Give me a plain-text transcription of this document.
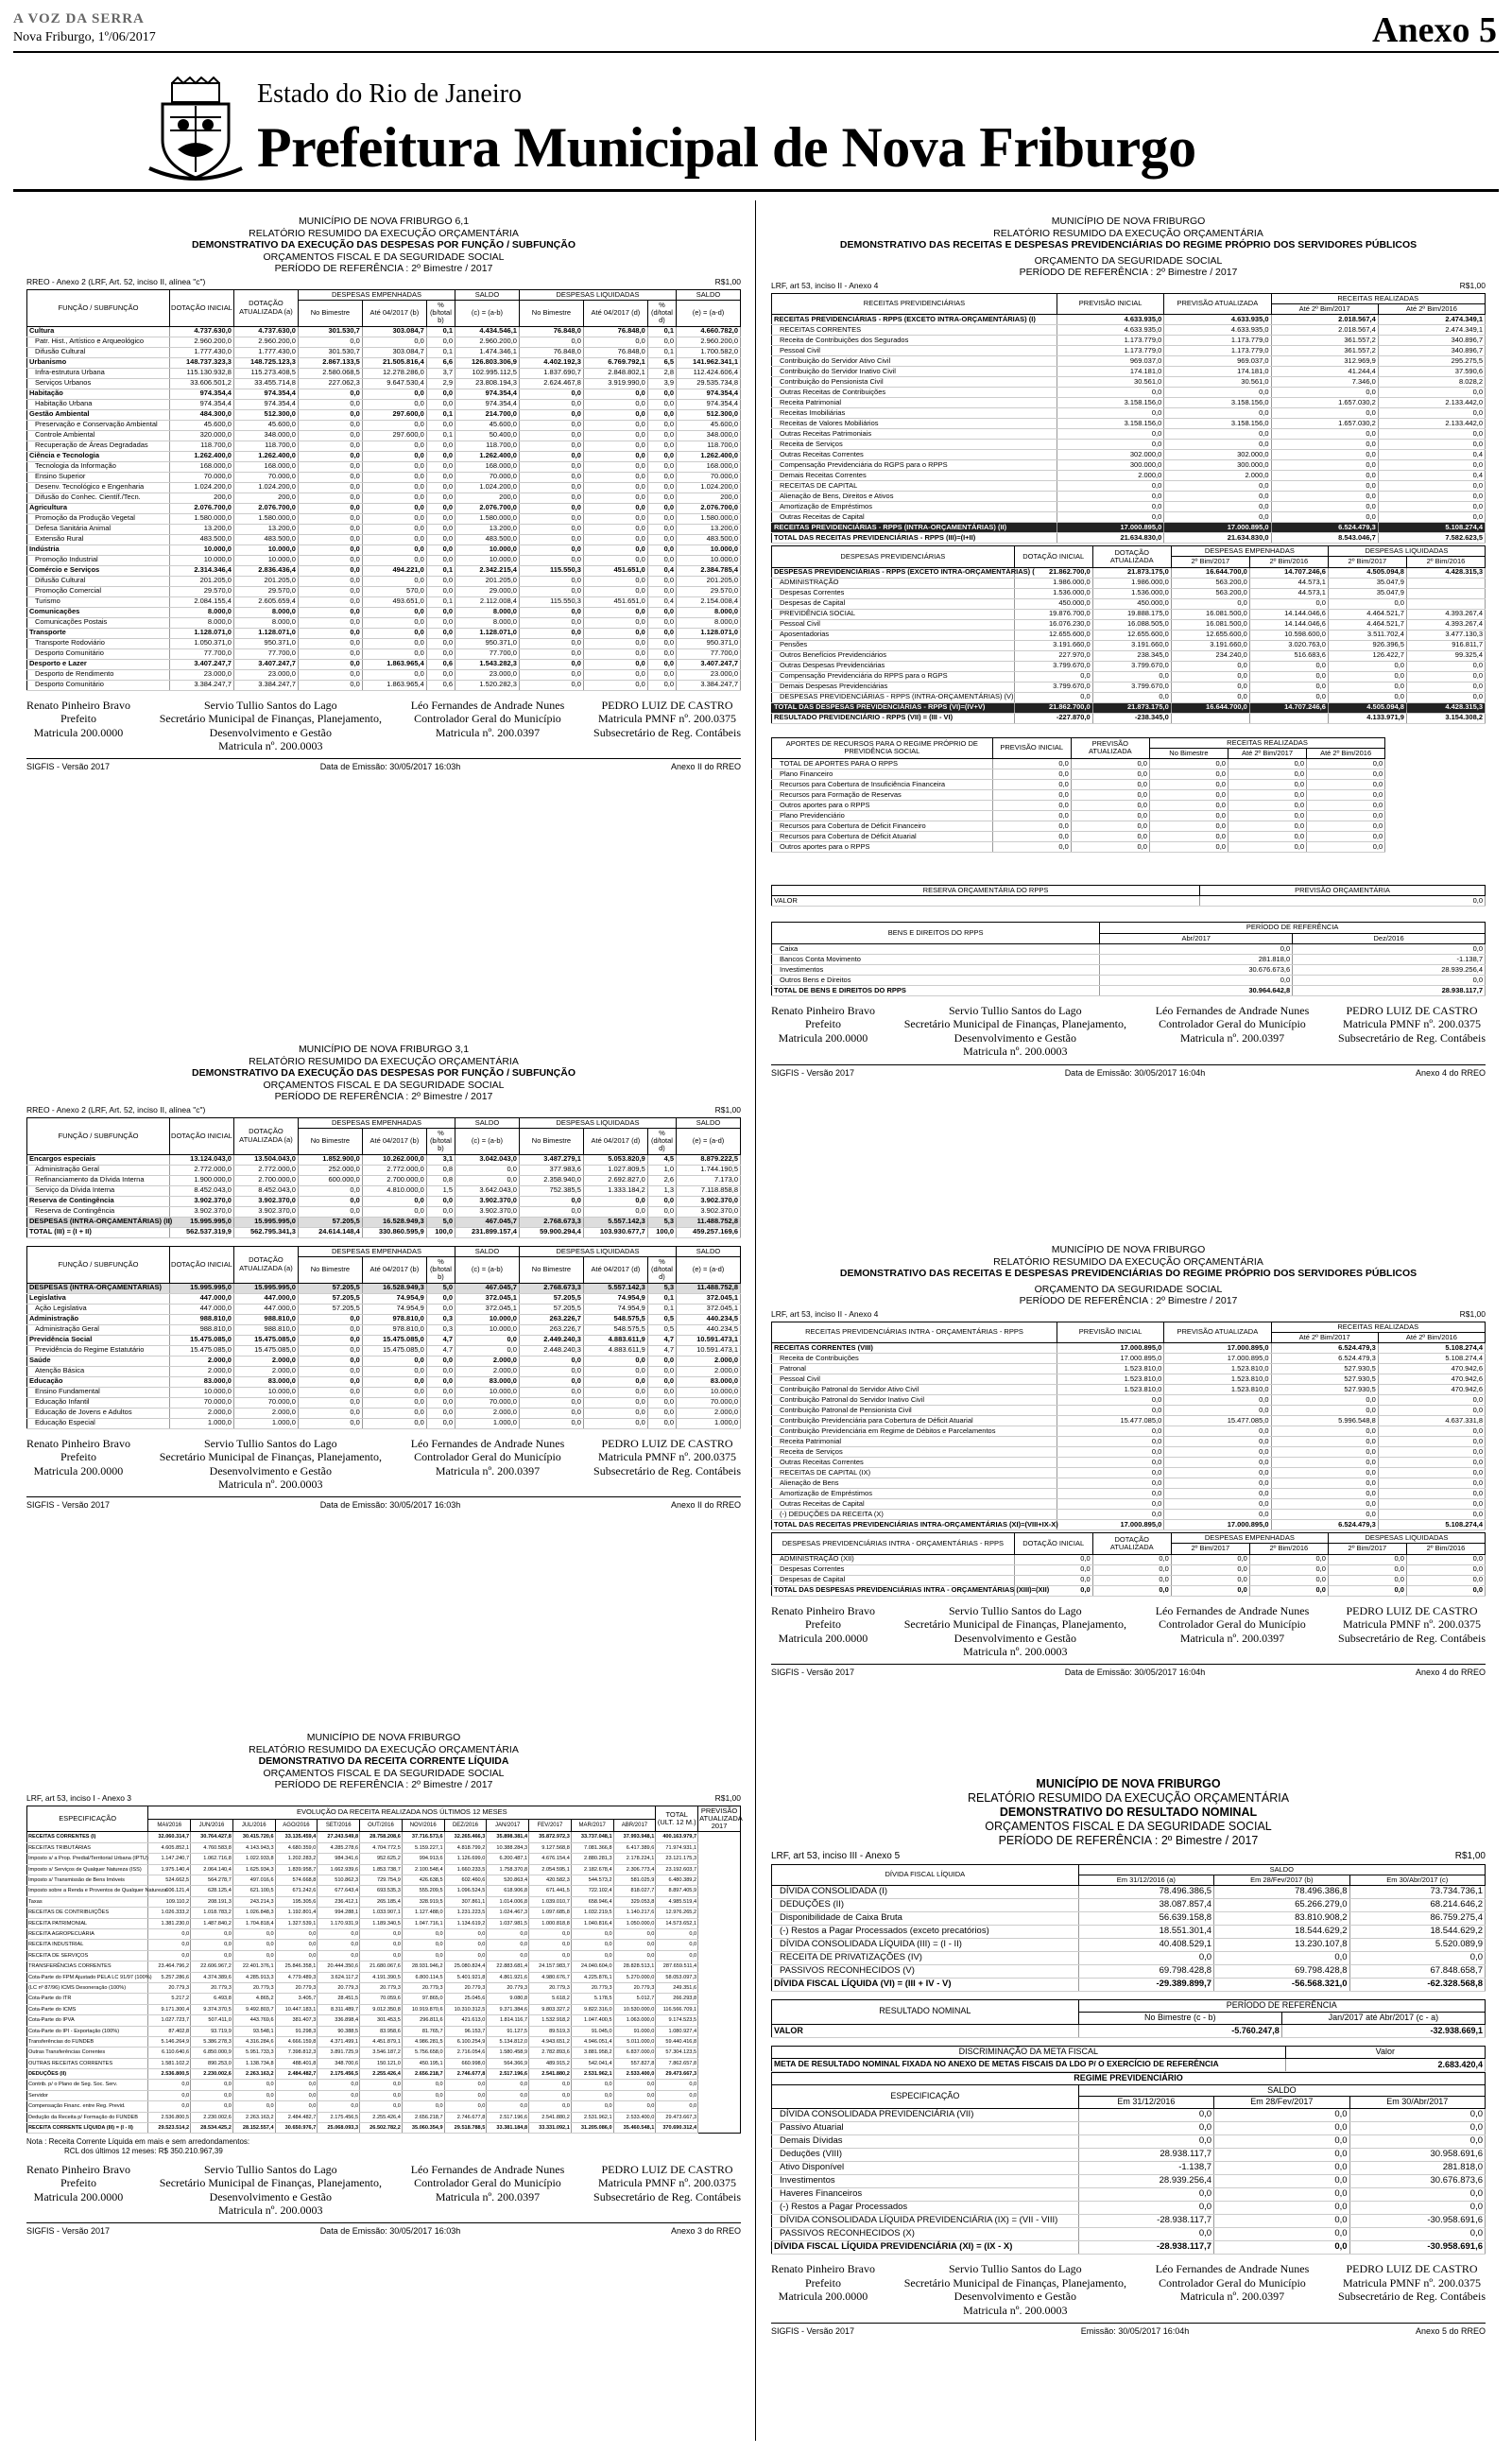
A VOZ DA SERRA
Nova Friburgo, 1º/06/2017	Anexo 5
Estado do Rio de Janeiro
Prefeitura Municipal de Nova Friburgo
MUNICÍPIO DE NOVA FRIBURGO 6,1
RELATÓRIO RESUMIDO DA EXECUÇÃO ORÇAMENTÁRIA
DEMONSTRATIVO DA EXECUÇÃO DAS DESPESAS POR FUNÇÃO / SUBFUNÇÃO
ORÇAMENTOS FISCAL E DA SEGURIDADE SOCIAL
PERÍODO DE REFERÊNCIA : 2º Bimestre / 2017
RREO - Anexo 2 (LRF, Art. 52, inciso II, alínea "c")	R$1,00
FUNÇÃO / SUBFUNÇÃO	DOTAÇÃO INICIAL	DOTAÇÃO ATUALIZADA (a)	DESPESAS EMPENHADAS			SALDO	DESPESAS LIQUIDADAS			SALDO
			No Bimestre	Até 04/2017 (b)	% (b/total b)	(c) = (a-b)	No Bimestre	Até 04/2017 (d)	% (d/total d)	(e) = (a-d)
Cultura	4.737.630,0	4.737.630,0	301.530,7	303.084,7	0,1	4.434.546,1	76.848,0	76.848,0	0,1	4.660.782,0
Patr. Hist., Artístico e Arqueológico	2.960.200,0	2.960.200,0	0,0	0,0	0,0	2.960.200,0	0,0	0,0	0,0	2.960.200,0
Difusão Cultural	1.777.430,0	1.777.430,0	301.530,7	303.084,7	0,1	1.474.346,1	76.848,0	76.848,0	0,1	1.700.582,0
Urbanismo	148.737.323,3	148.725.123,3	2.867.133,5	21.505.816,4	6,6	126.803.306,9	4.402.192,3	6.769.792,1	6,5	141.962.341,1
Infra-estrutura Urbana	115.130.932,8	115.273.408,5	2.580.068,5	12.278.286,0	3,7	102.995.112,5	1.837.690,7	2.848.802,1	2,8	112.424.606,4
Serviços Urbanos	33.606.501,2	33.455.714,8	227.062,3	9.647.530,4	2,9	23.808.194,3	2.624.467,8	3.919.990,0	3,9	29.535.734,8
Habitação	974.354,4	974.354,4	0,0	0,0	0,0	974.354,4	0,0	0,0	0,0	974.354,4
Habitação Urbana	974.354,4	974.354,4	0,0	0,0	0,0	974.354,4	0,0	0,0	0,0	974.354,4
Gestão Ambiental	484.300,0	512.300,0	0,0	297.600,0	0,1	214.700,0	0,0	0,0	0,0	512.300,0
Preservação e Conservação Ambiental	45.600,0	45.600,0	0,0	0,0	0,0	45.600,0	0,0	0,0	0,0	45.600,0
Controle Ambiental	320.000,0	348.000,0	0,0	297.600,0	0,1	50.400,0	0,0	0,0	0,0	348.000,0
Recuperação de Áreas Degradadas	118.700,0	118.700,0	0,0	0,0	0,0	118.700,0	0,0	0,0	0,0	118.700,0
Ciência e Tecnologia	1.262.400,0	1.262.400,0	0,0	0,0	0,0	1.262.400,0	0,0	0,0	0,0	1.262.400,0
Tecnologia da Informação	168.000,0	168.000,0	0,0	0,0	0,0	168.000,0	0,0	0,0	0,0	168.000,0
Ensino Superior	70.000,0	70.000,0	0,0	0,0	0,0	70.000,0	0,0	0,0	0,0	70.000,0
Desenv. Tecnológico e Engenharia	1.024.200,0	1.024.200,0	0,0	0,0	0,0	1.024.200,0	0,0	0,0	0,0	1.024.200,0
Difusão do Conhec. Científ./Tecn.	200,0	200,0	0,0	0,0	0,0	200,0	0,0	0,0	0,0	200,0
Agricultura	2.076.700,0	2.076.700,0	0,0	0,0	0,0	2.076.700,0	0,0	0,0	0,0	2.076.700,0
Promoção da Produção Vegetal	1.580.000,0	1.580.000,0	0,0	0,0	0,0	1.580.000,0	0,0	0,0	0,0	1.580.000,0
Defesa Sanitária Animal	13.200,0	13.200,0	0,0	0,0	0,0	13.200,0	0,0	0,0	0,0	13.200,0
Extensão Rural	483.500,0	483.500,0	0,0	0,0	0,0	483.500,0	0,0	0,0	0,0	483.500,0
Indústria	10.000,0	10.000,0	0,0	0,0	0,0	10.000,0	0,0	0,0	0,0	10.000,0
Promoção Industrial	10.000,0	10.000,0	0,0	0,0	0,0	10.000,0	0,0	0,0	0,0	10.000,0
Comércio e Serviços	2.314.346,4	2.836.436,4	0,0	494.221,0	0,1	2.342.215,4	115.550,3	451.651,0	0,4	2.384.785,4
Difusão Cultural	201.205,0	201.205,0	0,0	0,0	0,0	201.205,0	0,0	0,0	0,0	201.205,0
Promoção Comercial	29.570,0	29.570,0	0,0	570,0	0,0	29.000,0	0,0	0,0	0,0	29.570,0
Turismo	2.084.155,4	2.605.659,4	0,0	493.651,0	0,1	2.112.008,4	115.550,3	451.651,0	0,4	2.154.008,4
Comunicações	8.000,0	8.000,0	0,0	0,0	0,0	8.000,0	0,0	0,0	0,0	8.000,0
Comunicações Postais	8.000,0	8.000,0	0,0	0,0	0,0	8.000,0	0,0	0,0	0,0	8.000,0
Transporte	1.128.071,0	1.128.071,0	0,0	0,0	0,0	1.128.071,0	0,0	0,0	0,0	1.128.071,0
Transporte Rodoviário	1.050.371,0	950.371,0	0,0	0,0	0,0	950.371,0	0,0	0,0	0,0	950.371,0
Desporto Comunitário	77.700,0	77.700,0	0,0	0,0	0,0	77.700,0	0,0	0,0	0,0	77.700,0
Desporto e Lazer	3.407.247,7	3.407.247,7	0,0	1.863.965,4	0,6	1.543.282,3	0,0	0,0	0,0	3.407.247,7
Desporto de Rendimento	23.000,0	23.000,0	0,0	0,0	0,0	23.000,0	0,0	0,0	0,0	23.000,0
Desporto Comunitário	3.384.247,7	3.384.247,7	0,0	1.863.965,4	0,6	1.520.282,3	0,0	0,0	0,0	3.384.247,7
Renato Pinheiro Bravo
Prefeito
Matricula 200.0000
Servio Tullio Santos do Lago
Secretário Municipal de Finanças, Planejamento,
Desenvolvimento e Gestão
Matricula nº. 200.0003
Léo Fernandes de Andrade Nunes
Controlador Geral do Município
Matricula nº. 200.0397
PEDRO LUIZ DE CASTRO
Matricula PMNF nº. 200.0375
Subsecretário de Reg. Contábeis
SIGFIS - Versão 2017	Data de Emissão: 30/05/2017 16:03h	Anexo II do RREO
MUNICÍPIO DE NOVA FRIBURGO 3,1
RELATÓRIO RESUMIDO DA EXECUÇÃO ORÇAMENTÁRIA
DEMONSTRATIVO DA EXECUÇÃO DAS DESPESAS POR FUNÇÃO / SUBFUNÇÃO
ORÇAMENTOS FISCAL E DA SEGURIDADE SOCIAL
PERÍODO DE REFERÊNCIA : 2º Bimestre / 2017
RREO - Anexo 2 (LRF, Art. 52, inciso II, alínea "c")	R$1,00
FUNÇÃO / SUBFUNÇÃO	DOTAÇÃO INICIAL	DOTAÇÃO ATUALIZADA (a)	DESPESAS EMPENHADAS			SALDO	DESPESAS LIQUIDADAS			SALDO
			No Bimestre	Até 04/2017 (b)	% (b/total b)	(c) = (a-b)	No Bimestre	Até 04/2017 (d)	% (d/total d)	(e) = (a-d)
Encargos especiais	13.124.043,0	13.504.043,0	1.852.900,0	10.262.000,0	3,1	3.042.043,0	3.487.279,1	5.053.820,9	4,5	8.879.222,5
Administração Geral	2.772.000,0	2.772.000,0	252.000,0	2.772.000,0	0,8	0,0	377.983,6	1.027.809,5	1,0	1.744.190,5
Refinanciamento da Dívida Interna	1.900.000,0	2.700.000,0	600.000,0	2.700.000,0	0,8	0,0	2.358.940,0	2.692.827,0	2,6	7.173,0
Serviço da Dívida Interna	8.452.043,0	8.452.043,0	0,0	4.810.000,0	1,5	3.642.043,0	752.385,5	1.333.184,2	1,3	7.118.858,8
Reserva de Contingência	3.902.370,0	3.902.370,0	0,0	0,0	0,0	3.902.370,0	0,0	0,0	0,0	3.902.370,0
Reserva de Contingência	3.902.370,0	3.902.370,0	0,0	0,0	0,0	3.902.370,0	0,0	0,0	0,0	3.902.370,0
DESPESAS (INTRA-ORÇAMENTÁRIAS) (II)	15.995.995,0	15.995.995,0	57.205,5	16.528.949,3	5,0	467.045,7	2.768.673,3	5.557.142,3	5,3	11.488.752,8
TOTAL (III) = (I + II)	562.537.319,9	562.795.341,3	24.614.148,4	330.860.595,9	100,0	231.899.157,4	59.900.294,4	103.930.677,7	100,0	459.257.169,6
FUNÇÃO / SUBFUNÇÃO	DOTAÇÃO INICIAL	DOTAÇÃO ATUALIZADA (a)	DESPESAS EMPENHADAS			SALDO	DESPESAS LIQUIDADAS			SALDO
			No Bimestre	Até 04/2017 (b)	% (b/total b)	(c) = (a-b)	No Bimestre	Até 04/2017 (d)	% (d/total d)	(e) = (a-d)
DESPESAS (INTRA-ORÇAMENTÁRIAS)	15.995.995,0	15.995.995,0	57.205,5	16.528.949,3	5,0	467.045,7	2.768.673,3	5.557.142,3	5,3	11.488.752,8
Legislativa	447.000,0	447.000,0	57.205,5	74.954,9	0,0	372.045,1	57.205,5	74.954,9	0,1	372.045,1
Ação Legislativa	447.000,0	447.000,0	57.205,5	74.954,9	0,0	372.045,1	57.205,5	74.954,9	0,1	372.045,1
Administração	988.810,0	988.810,0	0,0	978.810,0	0,3	10.000,0	263.226,7	548.575,5	0,5	440.234,5
Administração Geral	988.810,0	988.810,0	0,0	978.810,0	0,3	10.000,0	263.226,7	548.575,5	0,5	440.234,5
Previdência Social	15.475.085,0	15.475.085,0	0,0	15.475.085,0	4,7	0,0	2.449.240,3	4.883.611,9	4,7	10.591.473,1
Previdência do Regime Estatutário	15.475.085,0	15.475.085,0	0,0	15.475.085,0	4,7	0,0	2.448.240,3	4.883.611,9	4,7	10.591.473,1
Saúde	2.000,0	2.000,0	0,0	0,0	0,0	2.000,0	0,0	0,0	0,0	2.000,0
Atenção Básica	2.000,0	2.000,0	0,0	0,0	0,0	2.000,0	0,0	0,0	0,0	2.000,0
Educação	83.000,0	83.000,0	0,0	0,0	0,0	83.000,0	0,0	0,0	0,0	83.000,0
Ensino Fundamental	10.000,0	10.000,0	0,0	0,0	0,0	10.000,0	0,0	0,0	0,0	10.000,0
Educação Infantil	70.000,0	70.000,0	0,0	0,0	0,0	70.000,0	0,0	0,0	0,0	70.000,0
Educação de Jovens e Adultos	2.000,0	2.000,0	0,0	0,0	0,0	2.000,0	0,0	0,0	0,0	2.000,0
Educação Especial	1.000,0	1.000,0	0,0	0,0	0,0	1.000,0	0,0	0,0	0,0	1.000,0
Renato Pinheiro Bravo
Prefeito
Matricula 200.0000
Servio Tullio Santos do Lago
Secretário Municipal de Finanças, Planejamento,
Desenvolvimento e Gestão
Matricula nº. 200.0003
Léo Fernandes de Andrade Nunes
Controlador Geral do Município
Matricula nº. 200.0397
PEDRO LUIZ DE CASTRO
Matricula PMNF nº. 200.0375
Subsecretário de Reg. Contábeis
SIGFIS - Versão 2017	Data de Emissão: 30/05/2017 16:03h	Anexo II do RREO
MUNICÍPIO DE NOVA FRIBURGO
RELATÓRIO RESUMIDO DA EXECUÇÃO ORÇAMENTÁRIA
DEMONSTRATIVO DA RECEITA CORRENTE LÍQUIDA
ORÇAMENTOS FISCAL E DA SEGURIDADE SOCIAL
PERÍODO DE REFERÊNCIA : 2º Bimestre / 2017
LRF, art 53, inciso I - Anexo 3	R$1,00
ESPECIFICAÇÃO	EVOLUÇÃO DA RECEITA REALIZADA NOS ÚLTIMOS 12 MESES												TOTAL (ULT. 12 M.)	PREVISÃO ATUALIZADA 2017
	MAI/2016	JUN/2016	JUL/2016	AGO/2016	SET/2016	OUT/2016	NOV/2016	DEZ/2016	JAN/2017	FEV/2017	MAR/2017	ABR/2017		
RECEITAS CORRENTES (I)	32.060.314,7	30.764.427,8	30.415.720,6	33.135.459,4	27.243.549,8	28.758.208,6	37.716.573,6	32.265.466,3	35.898.381,4	35.872.972,3	33.737.048,1	37.993.948,1	400.163.979,7	
RECEITAS TRIBUTÁRIAS	4.605.852,1	4.760.583,8	4.143.943,3	4.680.359,0	4.285.278,6	4.704.772,5	5.159.227,1	4.818.799,2	10.388.284,3	9.127.568,8	7.081.366,8	6.417.389,6	71.974.931,1	
Imposto s/ a Prop. Predial/Territorial Urbana (IPTU)	1.147.240,7	1.062.716,8	1.022.933,8	1.202.283,2	984.341,6	952.625,2	994.913,6	1.126.699,0	6.200.487,1	4.676.154,4	2.880.281,3	2.178.224,1	23.121.175,3	
Imposto s/ Serviços de Qualquer Natureza (ISS)	1.975.140,4	2.064.140,4	1.625.934,3	1.839.958,7	1.662.939,6	1.853.738,7	2.100.548,4	1.660.233,5	1.758.370,8	2.054.595,1	2.182.678,4	2.306.773,4	23.192.603,7	
Imposto s/ Transmissão de Bens Imóveis	524.662,5	564.278,7	497.016,6	574.668,8	510.862,3	729.754,9	426.638,5	602.460,6	520.863,4	420.582,3	544.573,2	581.025,9	6.480.389,2	
Imposto sobre a Renda e Proventos de Qualquer Natureza	606.121,4	628.125,4	621.100,5	671.242,6	677.643,4	693.535,3	555.209,5	1.096.524,5	618.906,8	671.441,5	722.102,4	818.027,7	8.897.405,9	
Taxas	109.110,2	208.191,3	243.214,3	195.305,6	236.412,1	265.185,4	328.919,5	307.861,1	1.014.006,8	1.039.010,7	658.946,4	329.053,8	4.985.519,4	
RECEITAS DE CONTRIBUIÇÕES	1.026.333,2	1.018.783,2	1.026.848,3	1.192.801,4	994.288,1	1.033.907,1	1.127.488,0	1.231.223,5	1.024.467,3	1.097.685,8	1.032.219,5	1.140.217,6	12.976.265,2	
RECEITA PATRIMONIAL	1.381.230,0	1.487.840,2	1.704.818,4	1.327.539,1	1.170.931,9	1.189.340,5	1.047.716,1	1.134.619,2	1.037.981,5	1.000.818,8	1.040.816,4	1.050.000,0	14.573.652,1	
RECEITA AGROPECUÁRIA	0,0	0,0	0,0	0,0	0,0	0,0	0,0	0,0	0,0	0,0	0,0	0,0	0,0	
RECEITA INDUSTRIAL	0,0	0,0	0,0	0,0	0,0	0,0	0,0	0,0	0,0	0,0	0,0	0,0	0,0	
RECEITA DE SERVIÇOS	0,0	0,0	0,0	0,0	0,0	0,0	0,0	0,0	0,0	0,0	0,0	0,0	0,0	
TRANSFERÊNCIAS CORRENTES	23.464.796,2	22.606.967,2	22.401.376,1	25.846.358,1	20.444.350,6	21.680.067,6	28.931.946,2	25.080.824,4	22.883.681,4	24.157.983,7	24.040.604,0	28.828.513,1	287.659.511,4	
Cota-Parte do FPM Ajustado PELA LC 91/97 (100%)	5.257.286,6	4.374.389,6	4.285.913,3	4.779.489,3	3.624.117,2	4.191.390,5	6.800.114,5	5.401.921,8	4.861.921,6	4.980.676,7	4.225.876,1	5.270.000,0	58.053.097,3	
(LC nº 87/96) ICMS Desoneração (100%)	20.779,3	20.779,3	20.779,3	20.779,3	20.779,3	20.779,3	20.779,3	20.779,3	20.779,3	20.779,3	20.779,3	20.779,3	249.351,6	
Cota-Parte do ITR	5.217,2	6.493,8	4.865,2	3.405,7	28.451,5	70.059,6	97.865,0	25.045,6	9.080,8	5.618,2	5.178,5	5.012,7	266.293,8	
Cota-Parte do ICMS	9.171.300,4	9.374.370,5	9.492.803,7	10.447.183,1	8.311.489,7	9.012.350,8	10.919.870,6	10.310.312,5	9.371.384,6	9.803.327,2	9.822.316,0	10.530.000,0	116.566.709,1	
Cota-Parte do IPVA	1.027.723,7	507.411,0	443.769,6	381.407,3	336.898,4	301.453,5	296.811,6	421.613,0	1.814.116,7	1.532.918,2	1.047.400,5	1.063.000,0	9.174.523,5	
Cota-Parte do IPI - Exportação (100%)	87.402,8	93.719,9	93.548,1	91.298,3	90.388,5	83.958,6	81.765,7	96.153,7	91.127,5	89.519,3	91.045,0	91.000,0	1.080.927,4	
Transferências do FUNDEB	5.146.264,9	5.386.278,3	4.316.284,6	4.666.159,8	4.371.499,1	4.451.879,1	4.986.281,5	6.100.254,9	5.134.812,0	4.943.651,2	4.946.051,4	5.011.000,0	59.440.416,8	
Outras Transferências Correntes	6.110.640,6	6.850.000,9	5.951.733,3	7.398.812,3	3.891.725,9	3.546.187,2	5.756.658,0	2.716.054,6	1.580.458,9	2.782.893,6	3.881.958,2	6.837.000,0	57.304.123,5	
OUTRAS RECEITAS CORRENTES	1.581.102,2	890.253,0	1.138.734,8	488.401,8	348.700,6	150.121,0	450.195,1	660.998,0	564.366,9	489.915,2	542.041,4	557.827,8	7.862.657,8	
DEDUÇÕES (II)	2.536.800,5	2.230.002,6	2.263.163,2	2.484.482,7	2.175.456,5	2.255.426,4	2.656.218,7	2.746.677,8	2.517.196,6	2.541.880,2	2.531.962,1	2.533.400,0	29.473.667,3	
Contrib. p/ o Plano de Seg. Soc. Serv.	0,0	0,0	0,0	0,0	0,0	0,0	0,0	0,0	0,0	0,0	0,0	0,0	0,0	
Servidor	0,0	0,0	0,0	0,0	0,0	0,0	0,0	0,0	0,0	0,0	0,0	0,0	0,0	
Compensação Financ. entre Reg. Previd.	0,0	0,0	0,0	0,0	0,0	0,0	0,0	0,0	0,0	0,0	0,0	0,0	0,0	
Dedução da Receita p/ Formação do FUNDEB	2.536.800,5	2.230.002,6	2.263.163,2	2.484.482,7	2.175.456,5	2.255.426,4	2.656.218,7	2.746.677,8	2.517.196,6	2.541.880,2	2.531.962,1	2.533.400,0	29.473.667,3	
RECEITA CORRENTE LÍQUIDA (III) = (I - II)	29.523.514,2	28.534.425,2	28.152.557,4	30.650.976,7	25.068.093,3	26.502.782,2	35.060.354,9	29.518.788,5	33.381.184,8	33.331.092,1	31.205.086,0	35.460.548,1	370.690.312,4	
Nota : Receita Corrente Líquida em mais e sem arredondamentos:
RCL dos últimos 12 meses: R$ 350.210.967,39
Renato Pinheiro Bravo
Prefeito
Matricula 200.0000
Servio Tullio Santos do Lago
Secretário Municipal de Finanças, Planejamento,
Desenvolvimento e Gestão
Matricula nº. 200.0003
Léo Fernandes de Andrade Nunes
Controlador Geral do Município
Matricula nº. 200.0397
PEDRO LUIZ DE CASTRO
Matricula PMNF nº. 200.0375
Subsecretário de Reg. Contábeis
SIGFIS - Versão 2017	Data de Emissão: 30/05/2017 16:03h	Anexo 3 do RREO
MUNICÍPIO DE NOVA FRIBURGO
RELATÓRIO RESUMIDO DA EXECUÇÃO ORÇAMENTÁRIA
DEMONSTRATIVO DAS RECEITAS E DESPESAS PREVIDENCIÁRIAS DO REGIME PRÓPRIO DOS SERVIDORES PÚBLICOS
ORÇAMENTO DA SEGURIDADE SOCIAL
PERÍODO DE REFERÊNCIA : 2º Bimestre / 2017
LRF, art 53, inciso II - Anexo 4	R$1,00
RECEITAS PREVIDENCIÁRIAS	PREVISÃO INICIAL	PREVISÃO ATUALIZADA	RECEITAS REALIZADAS	
			Até 2º Bim/2017	Até 2º Bim/2016
RECEITAS PREVIDENCIÁRIAS - RPPS (EXCETO INTRA-ORÇAMENTÁRIAS) (I)	4.633.935,0	4.633.935,0	2.018.567,4	2.474.349,1
RECEITAS CORRENTES	4.633.935,0	4.633.935,0	2.018.567,4	2.474.349,1
Receita de Contribuições dos Segurados	1.173.779,0	1.173.779,0	361.557,2	340.896,7
Pessoal Civil	1.173.779,0	1.173.779,0	361.557,2	340.896,7
Contribuição do Servidor Ativo Civil	969.037,0	969.037,0	312.969,9	295.275,5
Contribuição do Servidor Inativo Civil	174.181,0	174.181,0	41.244,4	37.590,6
Contribuição do Pensionista Civil	30.561,0	30.561,0	7.346,0	8.028,2
Outras Receitas de Contribuições	0,0	0,0	0,0	0,0
Receita Patrimonial	3.158.156,0	3.158.156,0	1.657.030,2	2.133.442,0
Receitas Imobiliárias	0,0	0,0	0,0	0,0
Receitas de Valores Mobiliários	3.158.156,0	3.158.156,0	1.657.030,2	2.133.442,0
Outras Receitas Patrimoniais	0,0	0,0	0,0	0,0
Receita de Serviços	0,0	0,0	0,0	0,0
Outras Receitas Correntes	302.000,0	302.000,0	0,0	0,4
Compensação Previdenciária do RGPS para o RPPS	300.000,0	300.000,0	0,0	0,0
Demais Receitas Correntes	2.000,0	2.000,0	0,0	0,4
RECEITAS DE CAPITAL	0,0	0,0	0,0	0,0
Alienação de Bens, Direitos e Ativos	0,0	0,0	0,0	0,0
Amortização de Empréstimos	0,0	0,0	0,0	0,0
Outras Receitas de Capital	0,0	0,0	0,0	0,0
RECEITAS PREVIDENCIÁRIAS - RPPS (INTRA-ORÇAMENTÁRIAS) (II)	17.000.895,0	17.000.895,0	6.524.479,3	5.108.274,4
TOTAL DAS RECEITAS PREVIDENCIÁRIAS - RPPS (III)=(I+II)	21.634.830,0	21.634.830,0	8.543.046,7	7.582.623,5
DESPESAS PREVIDENCIÁRIAS	DOTAÇÃO INICIAL	DOTAÇÃO ATUALIZADA	DESPESAS EMPENHADAS		DESPESAS LIQUIDADAS	
			2º Bim/2017	2º Bim/2016	2º Bim/2017	2º Bim/2016
DESPESAS PREVIDENCIÁRIAS - RPPS (EXCETO INTRA-ORÇAMENTÁRIAS) (	21.862.700,0	21.873.175,0	16.644.700,0	14.707.246,6	4.505.094,8	4.428.315,3
ADMINISTRAÇÃO	1.986.000,0	1.986.000,0	563.200,0	44.573,1	35.047,9	
Despesas Correntes	1.536.000,0	1.536.000,0	563.200,0	44.573,1	35.047,9	
Despesas de Capital	450.000,0	450.000,0	0,0	0,0	0,0	
PREVIDÊNCIA SOCIAL	19.876.700,0	19.888.175,0	16.081.500,0	14.144.046,6	4.464.521,7	4.393.267,4
Pessoal Civil	16.076.230,0	16.088.505,0	16.081.500,0	14.144.046,6	4.464.521,7	4.393.267,4
Aposentadorias	12.655.600,0	12.655.600,0	12.655.600,0	10.598.600,0	3.511.702,4	3.477.130,3
Pensões	3.191.660,0	3.191.660,0	3.191.660,0	3.020.763,0	926.396,5	916.811,7
Outros Benefícios Previdenciários	227.970,0	238.345,0	234.240,0	516.683,6	126.422,7	99.325,4
Outras Despesas Previdenciárias	3.799.670,0	3.799.670,0	0,0	0,0	0,0	0,0
Compensação Previdenciária do RPPS para o RGPS	0,0	0,0	0,0	0,0	0,0	0,0
Demais Despesas Previdenciárias	3.799.670,0	3.799.670,0	0,0	0,0	0,0	0,0
DESPESAS PREVIDENCIÁRIAS - RPPS (INTRA-ORÇAMENTÁRIAS) (V)	0,0	0,0	0,0	0,0	0,0	0,0
TOTAL DAS DESPESAS PREVIDENCIÁRIAS - RPPS (VI)=(IV+V)	21.862.700,0	21.873.175,0	16.644.700,0	14.707.246,6	4.505.094,8	4.428.315,3
RESULTADO PREVIDENCIÁRIO - RPPS (VII) = (III - VI)	-227.870,0	-238.345,0			4.133.971,9	3.154.308,2
APORTES DE RECURSOS PARA O REGIME PRÓPRIO DE PREVIDÊNCIA SOCIAL	PREVISÃO INICIAL	PREVISÃO ATUALIZADA	RECEITAS REALIZADAS		
			No Bimestre	Até 2º Bim/2017	Até 2º Bim/2016
TOTAL DE APORTES PARA O RPPS	0,0	0,0	0,0	0,0	0,0
Plano Financeiro	0,0	0,0	0,0	0,0	0,0
Recursos para Cobertura de Insuficiência Financeira	0,0	0,0	0,0	0,0	0,0
Recursos para Formação de Reservas	0,0	0,0	0,0	0,0	0,0
Outros aportes para o RPPS	0,0	0,0	0,0	0,0	0,0
Plano Previdenciário	0,0	0,0	0,0	0,0	0,0
Recursos para Cobertura de Déficit Financeiro	0,0	0,0	0,0	0,0	0,0
Recursos para Cobertura de Déficit Atuarial	0,0	0,0	0,0	0,0	0,0
Outros aportes para o RPPS	0,0	0,0	0,0	0,0	0,0
RESERVA ORÇAMENTÁRIA DO RPPS	PREVISÃO ORÇAMENTÁRIA
VALOR	0,0
BENS E DIREITOS DO RPPS	PERÍODO DE REFERÊNCIA	
	Abr/2017	Dez/2016
Caixa	0,0	0,0
Bancos Conta Movimento	281.818,0	-1.138,7
Investimentos	30.676.673,6	28.939.256,4
Outros Bens e Direitos	0,0	0,0
TOTAL DE BENS E DIREITOS DO RPPS	30.964.642,8	28.938.117,7
Renato Pinheiro Bravo
Prefeito
Matricula 200.0000
Servio Tullio Santos do Lago
Secretário Municipal de Finanças, Planejamento,
Desenvolvimento e Gestão
Matricula nº. 200.0003
Léo Fernandes de Andrade Nunes
Controlador Geral do Município
Matricula nº. 200.0397
PEDRO LUIZ DE CASTRO
Matricula PMNF nº. 200.0375
Subsecretário de Reg. Contábeis
SIGFIS - Versão 2017	Data de Emissão: 30/05/2017 16:04h	Anexo 4 do RREO
MUNICÍPIO DE NOVA FRIBURGO
RELATÓRIO RESUMIDO DA EXECUÇÃO ORÇAMENTÁRIA
DEMONSTRATIVO DAS RECEITAS E DESPESAS PREVIDENCIÁRIAS DO REGIME PRÓPRIO DOS SERVIDORES PÚBLICOS
ORÇAMENTO DA SEGURIDADE SOCIAL
PERÍODO DE REFERÊNCIA : 2º Bimestre / 2017
LRF, art 53, inciso II - Anexo 4	R$1,00
RECEITAS PREVIDENCIÁRIAS INTRA - ORÇAMENTÁRIAS - RPPS	PREVISÃO INICIAL	PREVISÃO ATUALIZADA	RECEITAS REALIZADAS	
			Até 2º Bim/2017	Até 2º Bim/2016
RECEITAS CORRENTES (VIII)	17.000.895,0	17.000.895,0	6.524.479,3	5.108.274,4
Receita de Contribuições	17.000.895,0	17.000.895,0	6.524.479,3	5.108.274,4
Patronal	1.523.810,0	1.523.810,0	527.930,5	470.942,6
Pessoal Civil	1.523.810,0	1.523.810,0	527.930,5	470.942,6
Contribuição Patronal do Servidor Ativo Civil	1.523.810,0	1.523.810,0	527.930,5	470.942,6
Contribuição Patronal do Servidor Inativo Civil	0,0	0,0	0,0	0,0
Contribuição Patronal de Pensionista Civil	0,0	0,0	0,0	0,0
Contribuição Previdenciária para Cobertura de Déficit Atuarial	15.477.085,0	15.477.085,0	5.996.548,8	4.637.331,8
Contribuição Previdenciária em Regime de Débitos e Parcelamentos	0,0	0,0	0,0	0,0
Receita Patrimonial	0,0	0,0	0,0	0,0
Receita de Serviços	0,0	0,0	0,0	0,0
Outras Receitas Correntes	0,0	0,0	0,0	0,0
RECEITAS DE CAPITAL (IX)	0,0	0,0	0,0	0,0
Alienação de Bens	0,0	0,0	0,0	0,0
Amortização de Empréstimos	0,0	0,0	0,0	0,0
Outras Receitas de Capital	0,0	0,0	0,0	0,0
(-) DEDUÇÕES DA RECEITA (X)	0,0	0,0	0,0	0,0
TOTAL DAS RECEITAS PREVIDENCIÁRIAS INTRA-ORÇAMENTÁRIAS (XI)=(VIII+IX-X)	17.000.895,0	17.000.895,0	6.524.479,3	5.108.274,4
DESPESAS PREVIDENCIÁRIAS INTRA - ORÇAMENTÁRIAS - RPPS	DOTAÇÃO INICIAL	DOTAÇÃO ATUALIZADA	DESPESAS EMPENHADAS		DESPESAS LIQUIDADAS	
			2º Bim/2017	2º Bim/2016	2º Bim/2017	2º Bim/2016
ADMINISTRAÇÃO (XII)	0,0	0,0	0,0	0,0	0,0	0,0
Despesas Correntes	0,0	0,0	0,0	0,0	0,0	0,0
Despesas de Capital	0,0	0,0	0,0	0,0	0,0	0,0
TOTAL DAS DESPESAS PREVIDENCIÁRIAS INTRA - ORÇAMENTÁRIAS (XIII)=(XII)	0,0	0,0	0,0	0,0	0,0	0,0
Renato Pinheiro Bravo
Prefeito
Matricula 200.0000
Servio Tullio Santos do Lago
Secretário Municipal de Finanças, Planejamento,
Desenvolvimento e Gestão
Matricula nº. 200.0003
Léo Fernandes de Andrade Nunes
Controlador Geral do Município
Matricula nº. 200.0397
PEDRO LUIZ DE CASTRO
Matricula PMNF nº. 200.0375
Subsecretário de Reg. Contábeis
SIGFIS - Versão 2017	Data de Emissão: 30/05/2017 16:04h	Anexo 4 do RREO
MUNICÍPIO DE NOVA FRIBURGO
RELATÓRIO RESUMIDO DA EXECUÇÃO ORÇAMENTÁRIA
DEMONSTRATIVO DO RESULTADO NOMINAL
ORÇAMENTOS FISCAL E DA SEGURIDADE SOCIAL
PERÍODO DE REFERÊNCIA : 2º Bimestre / 2017
LRF, art 53, inciso III - Anexo 5	R$1,00
DÍVIDA FISCAL LÍQUIDA	SALDO		
	Em 31/12/2016 (a)	Em 28/Fev/2017 (b)	Em 30/Abr/2017 (c)
DÍVIDA CONSOLIDADA (I)	78.496.386,5	78.496.386,8	73.734.736,1
DEDUÇÕES (II)	38.087.857,4	65.266.279,0	68.214.646,2
Disponibilidade de Caixa Bruta	56.639.158,8	83.810.908,2	86.759.275,4
(-) Restos a Pagar Processados (exceto precatórios)	18.551.301,4	18.544.629,2	18.544.629,2
DÍVIDA CONSOLIDADA LÍQUIDA (III) = (I - II)	40.408.529,1	13.230.107,8	5.520.089,9
RECEITA DE PRIVATIZAÇÕES (IV)	0,0	0,0	0,0
PASSIVOS RECONHECIDOS (V)	69.798.428,8	69.798.428,8	67.848.658,7
DÍVIDA FISCAL LÍQUIDA (VI) = (III + IV - V)	-29.389.899,7	-56.568.321,0	-62.328.568,8
RESULTADO NOMINAL	PERÍODO DE REFERÊNCIA	
	No Bimestre (c - b)	Jan/2017 até Abr/2017 (c - a)
VALOR	-5.760.247,8	-32.938.669,1
DISCRIMINAÇÃO DA META FISCAL	Valor
META DE RESULTADO NOMINAL FIXADA NO ANEXO DE METAS FISCAIS DA LDO P/ O EXERCÍCIO DE REFERÊNCIA	2.683.420,4
REGIME PREVIDENCIÁRIO			
ESPECIFICAÇÃO	SALDO		
	Em 31/12/2016	Em 28/Fev/2017	Em 30/Abr/2017
DÍVIDA CONSOLIDADA PREVIDENCIÁRIA (VII)	0,0	0,0	0,0
Passivo Atuarial	0,0	0,0	0,0
Demais Dívidas	0,0	0,0	0,0
Deduções (VIII)	28.938.117,7	0,0	30.958.691,6
Ativo Disponível	-1.138,7	0,0	281.818,0
Investimentos	28.939.256,4	0,0	30.676.873,6
Haveres Financeiros	0,0	0,0	0,0
(-) Restos a Pagar Processados	0,0	0,0	0,0
DÍVIDA CONSOLIDADA LÍQUIDA PREVIDENCIÁRIA (IX) = (VII - VIII)	-28.938.117,7	0,0	-30.958.691,6
PASSIVOS RECONHECIDOS (X)	0,0	0,0	0,0
DÍVIDA FISCAL LÍQUIDA PREVIDENCIÁRIA (XI) = (IX - X)	-28.938.117,7	0,0	-30.958.691,6
Renato Pinheiro Bravo
Prefeito
Matricula 200.0000
Servio Tullio Santos do Lago
Secretário Municipal de Finanças, Planejamento,
Desenvolvimento e Gestão
Matricula nº. 200.0003
Léo Fernandes de Andrade Nunes
Controlador Geral do Município
Matricula nº. 200.0397
PEDRO LUIZ DE CASTRO
Matricula PMNF nº. 200.0375
Subsecretário de Reg. Contábeis
SIGFIS - Versão 2017	Emissão: 30/05/2017 16:04h	Anexo 5 do RREO
